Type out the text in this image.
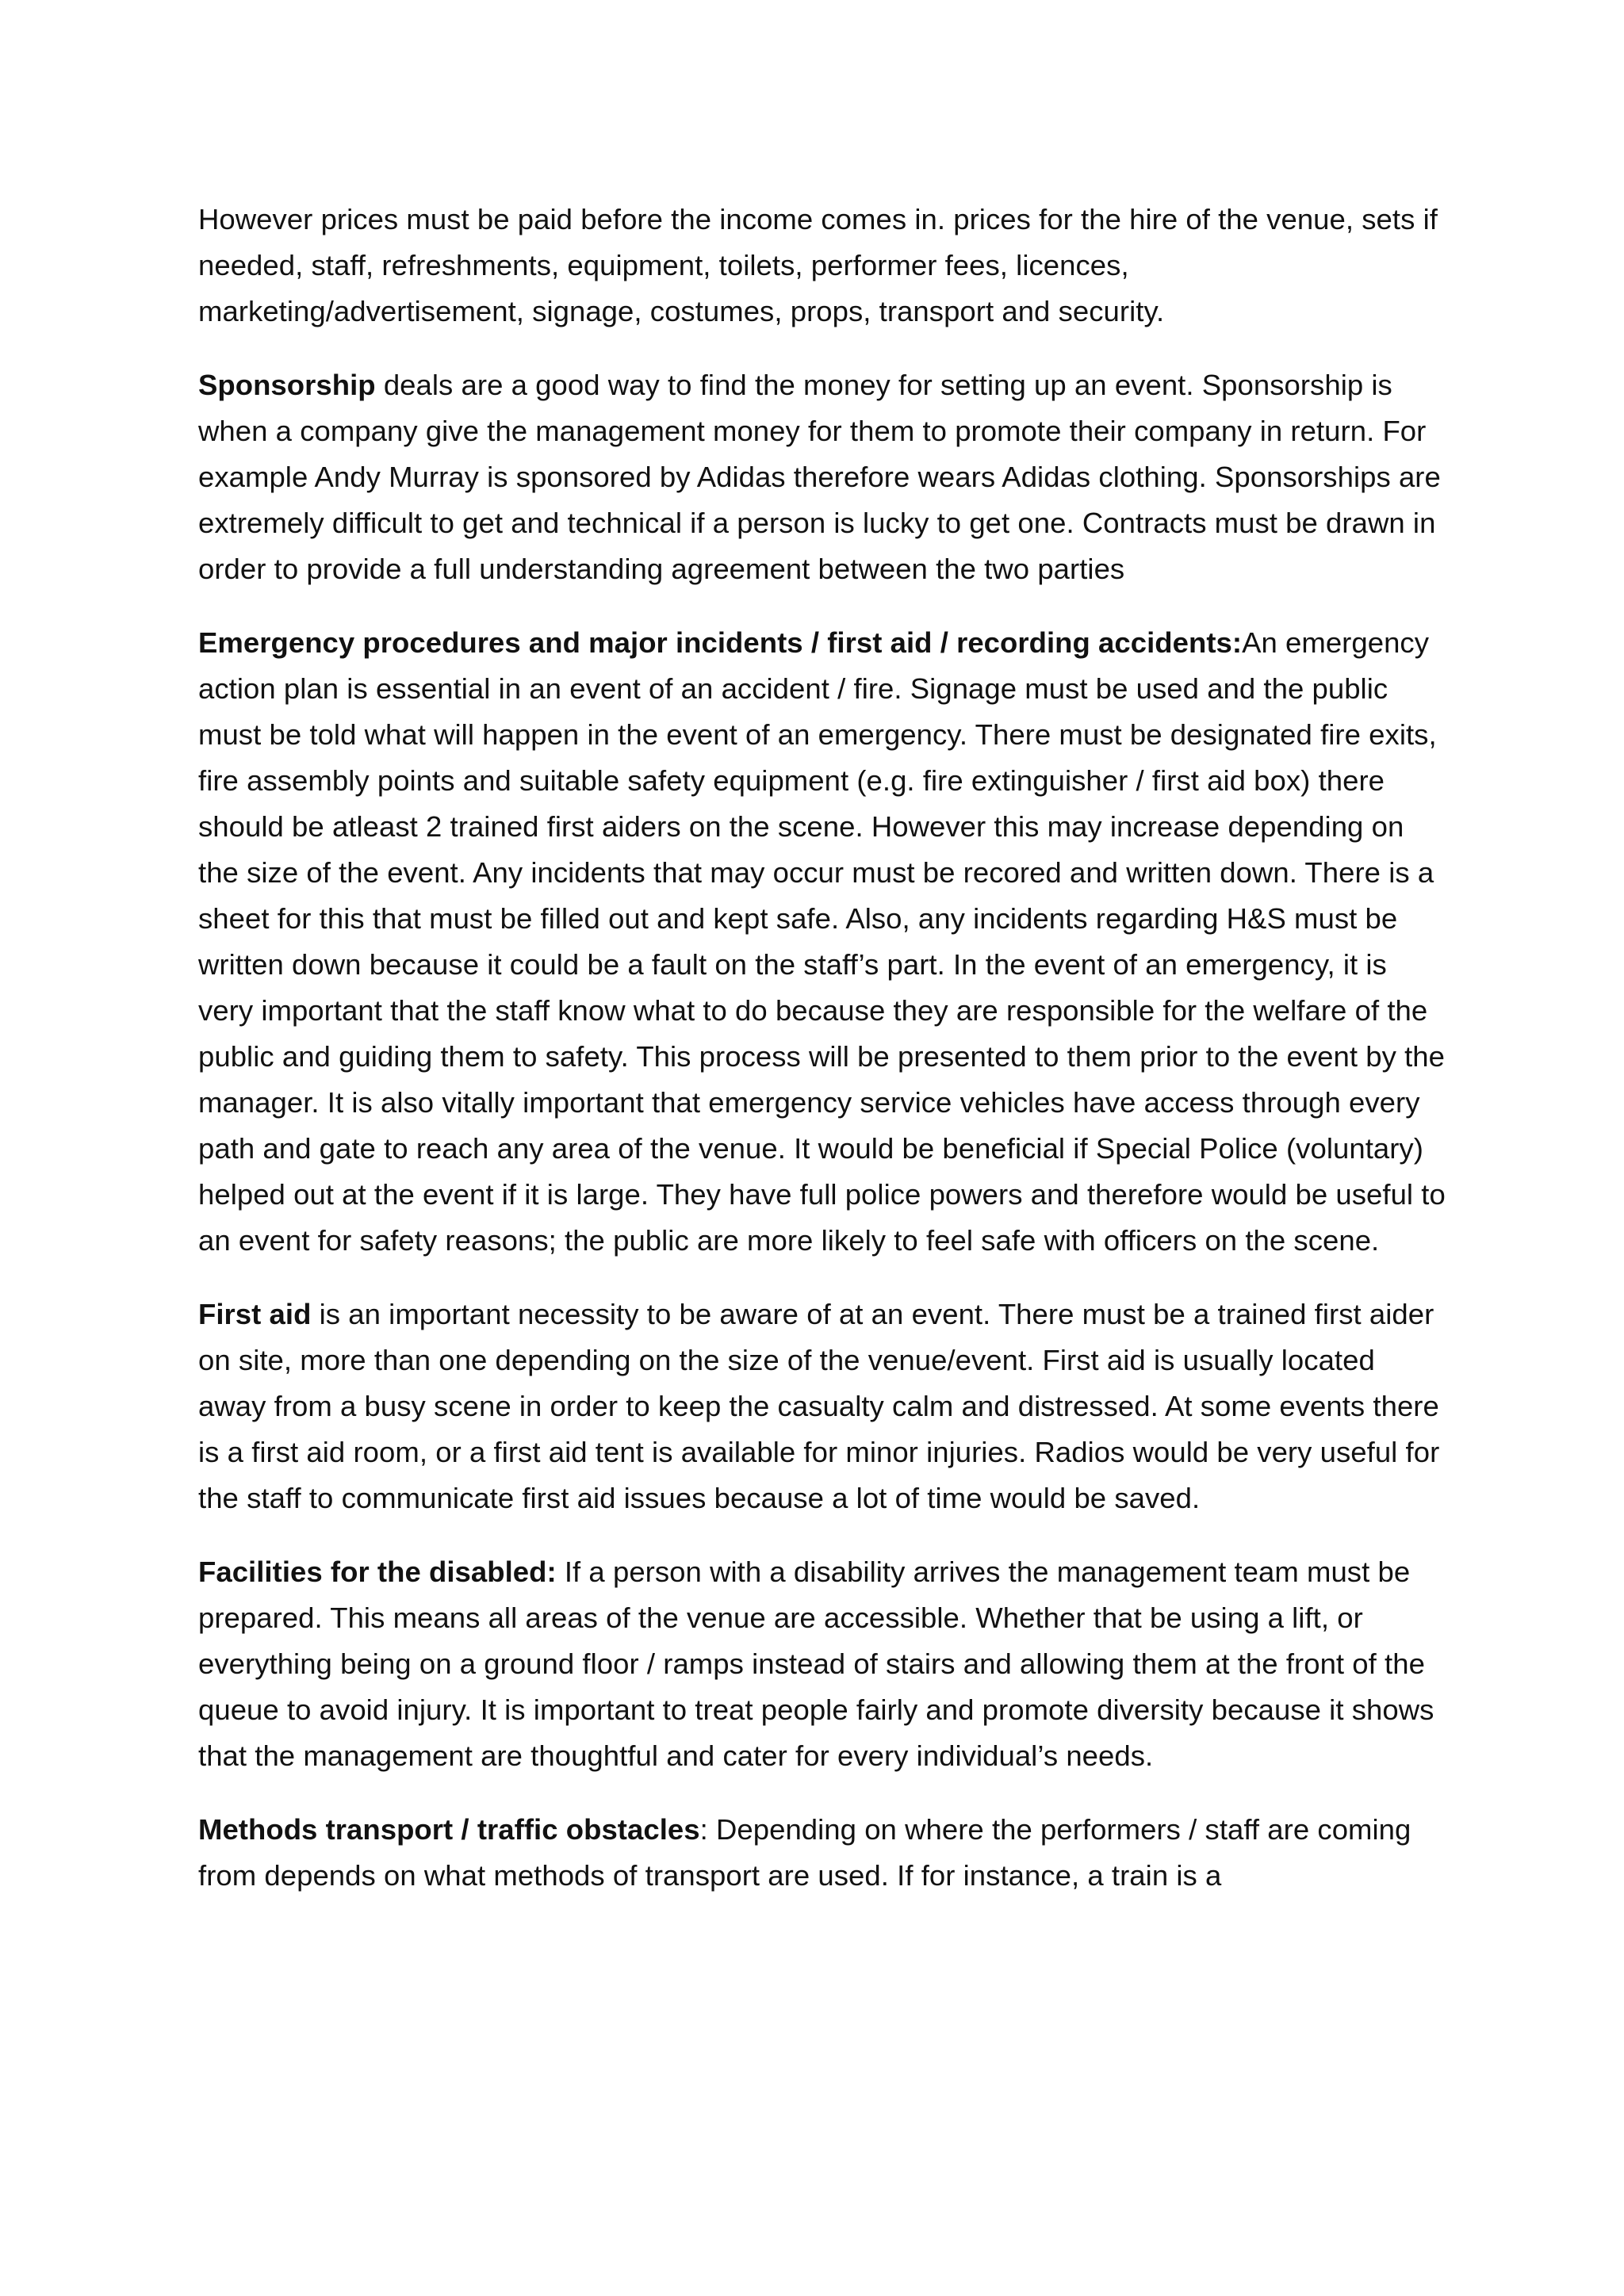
However prices must be paid before the income comes in. prices for the hire of the venue, sets if needed, staff, refreshments, equipment, toilets, performer fees, licences, marketing/advertisement, signage, costumes, props, transport and security.

Sponsorship deals are a good way to find the money for setting up an event. Sponsorship is when a company give the management money for them to promote their company in return. For example Andy Murray is sponsored by Adidas therefore wears Adidas clothing. Sponsorships are extremely difficult to get and technical if a person is lucky to get one. Contracts must be drawn in order to provide a full understanding agreement between the two parties

Emergency procedures and major incidents / first aid / recording accidents:An emergency action plan is essential in an event of an accident / fire. Signage must be used and the public must be told what will happen in the event of an emergency. There must be designated fire exits, fire assembly points and suitable safety equipment (e.g. fire extinguisher / first aid box) there should be atleast 2 trained first aiders on the scene. However this may increase depending on the size of the event. Any incidents that may occur must be recored and written down. There is a sheet for this that must be filled out and kept safe. Also, any incidents regarding H&S must be written down because it could be a fault on the staff’s part. In the event of an emergency, it is very important that the staff know what to do because they are responsible for the welfare of the public and guiding them to safety. This process will be presented to them prior to the event by the manager. It is also vitally important that emergency service vehicles have access through every path and gate to reach any area of the venue. It would be beneficial if Special Police (voluntary) helped out at the event if it is large. They have full police powers and therefore would be useful to an event for safety reasons; the public are more likely to feel safe with officers on the scene.

First aid is an important necessity to be aware of at an event. There must be a trained first aider on site, more than one depending on the size of the venue/event. First aid is usually located away from a busy scene in order to keep the casualty calm and distressed. At some events there is a first aid room, or a first aid tent is available for minor injuries. Radios would be very useful for the staff to communicate first aid issues because a lot of time would be saved.

Facilities for the disabled: If a person with a disability arrives the management team must be prepared. This means all areas of the venue are accessible. Whether that be using a lift, or everything being on a ground floor / ramps instead of stairs and allowing them at the front of the queue to avoid injury. It is important to treat people fairly and promote diversity because it shows that the management are thoughtful and cater for every individual’s needs.

Methods transport / traffic obstacles: Depending on where the performers / staff are coming from depends on what methods of transport are used. If for instance, a train is a
